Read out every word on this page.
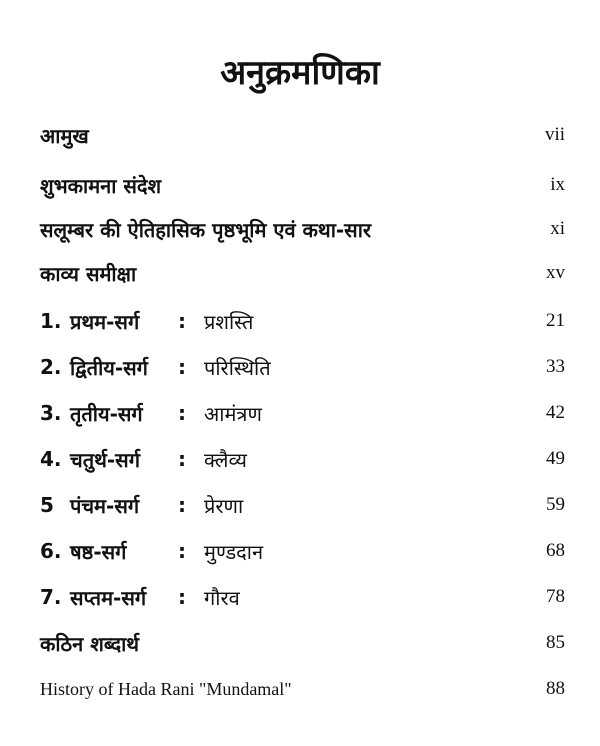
अनुक्रमणिका
आमुख	vii
शुभकामना संदेश	ix
सलूम्बर की ऐतिहासिक पृष्ठभूमि एवं कथा-सार	xi
काव्य समीक्षा	xv
1. प्रथम-सर्ग	: प्रशस्ति	21
2. द्वितीय-सर्ग	: परिस्थिति	33
3. तृतीय-सर्ग	: आमंत्रण	42
4. चतुर्थ-सर्ग	: क्लैव्य	49
5 पंचम-सर्ग	: प्रेरणा	59
6. षष्ठ-सर्ग	: मुण्डदान	68
7. सप्तम-सर्ग	: गौरव	78
कठिन शब्दार्थ	85
History of Hada Rani "Mundamal"	88
